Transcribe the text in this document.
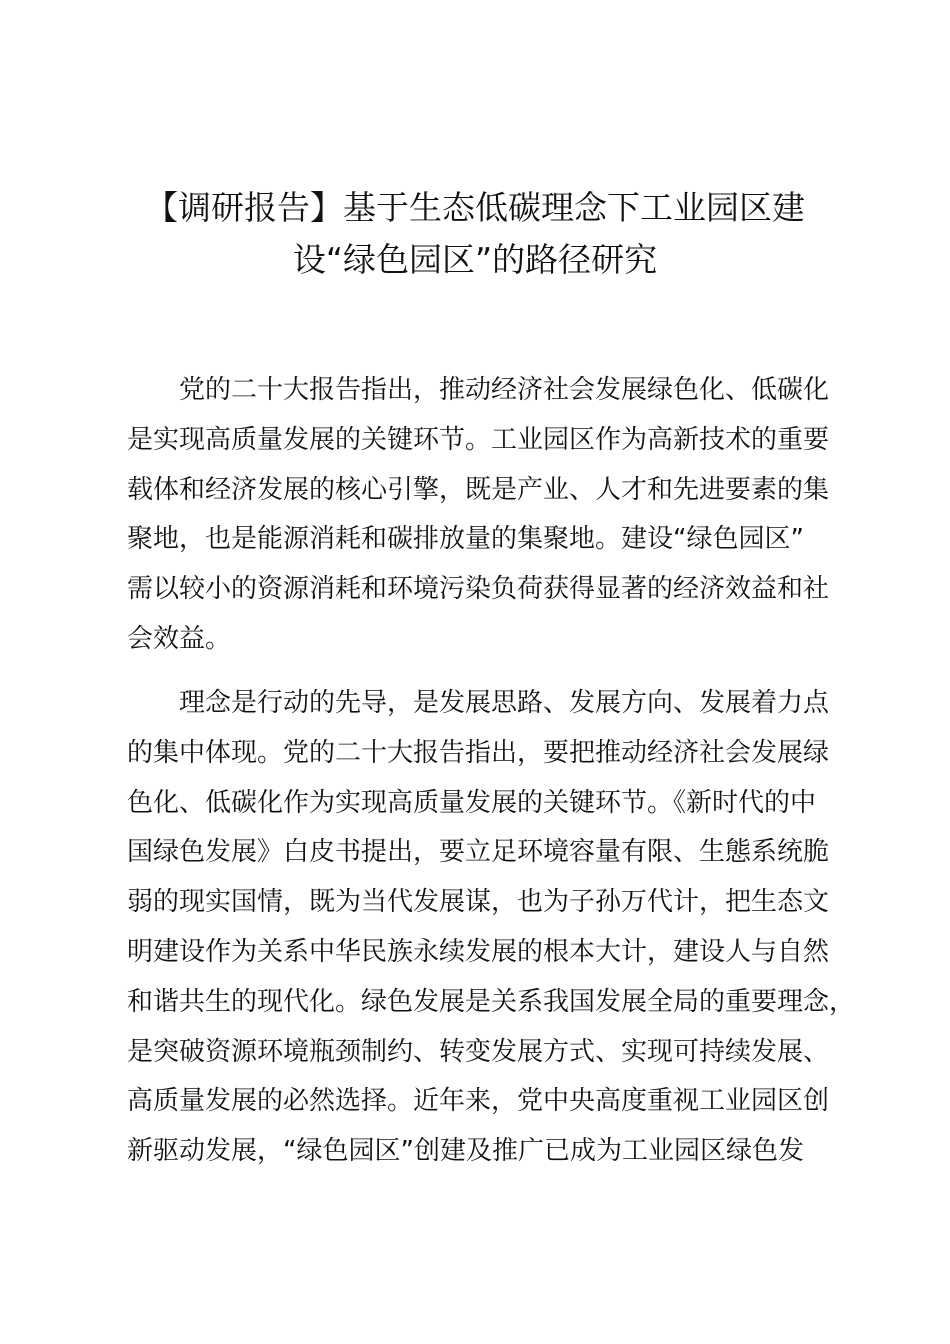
【调研报告】基于生态低碳理念下工业园区建
设“绿色园区”的路径研究
　　党的二十大报告指出，推动经济社会发展绿色化、低碳化
是实现高质量发展的关键环节。工业园区作为高新技术的重要
载体和经济发展的核心引擎，既是产业、人才和先进要素的集
聚地，也是能源消耗和碳排放量的集聚地。建设“绿色园区”
需以较小的资源消耗和环境污染负荷获得显著的经济效益和社
会效益。
　　理念是行动的先导，是发展思路、发展方向、发展着力点
的集中体现。党的二十大报告指出，要把推动经济社会发展绿
色化、低碳化作为实现高质量发展的关键环节。《新时代的中
国绿色发展》白皮书提出，要立足环境容量有限、生態系统脆
弱的现实国情，既为当代发展谋，也为子孙万代计，把生态文
明建设作为关系中华民族永续发展的根本大计，建设人与自然
和谐共生的现代化。绿色发展是关系我国发展全局的重要理念，
是突破资源环境瓶颈制约、转变发展方式、实现可持续发展、
高质量发展的必然选择。近年来，党中央高度重视工业园区创
新驱动发展，“绿色园区”创建及推广已成为工业园区绿色发
